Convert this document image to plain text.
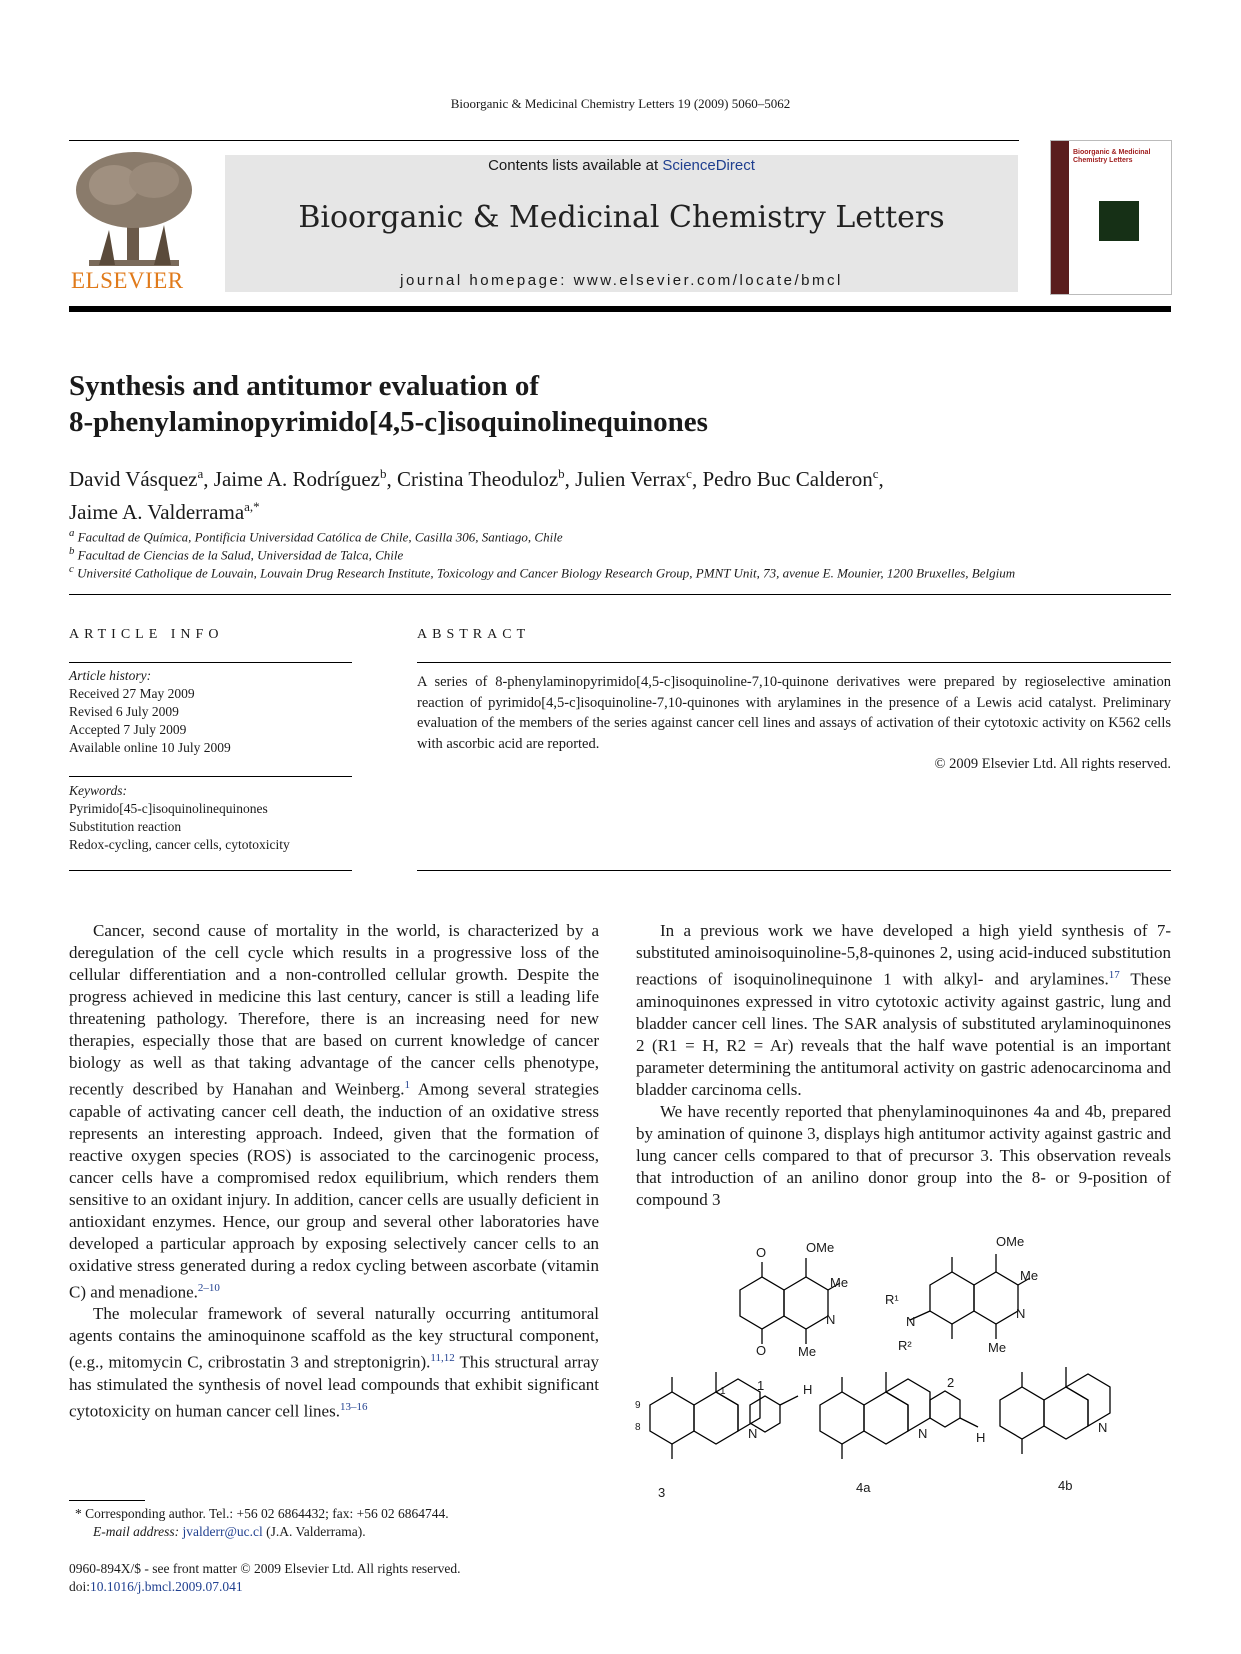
Bioorganic & Medicinal Chemistry Letters 19 (2009) 5060–5062
ELSEVIER
Contents lists available at ScienceDirect
Bioorganic & Medicinal Chemistry Letters
journal homepage: www.elsevier.com/locate/bmcl
Bioorganic & Medicinal Chemistry Letters
Synthesis and antitumor evaluation of
8-phenylaminopyrimido[4,5-c]isoquinolinequinones
David Vásquez$^a$, Jaime A. Rodríguez$^b$, Cristina Theoduloz$^b$, Julien Verrax$^c$, Pedro Buc Calderon$^c$,
Jaime A. Valderrama$^{a,*}$
$^a$ Facultad de Química, Pontificia Universidad Católica de Chile, Casilla 306, Santiago, Chile
$^b$ Facultad de Ciencias de la Salud, Universidad de Talca, Chile
$^c$ Université Catholique de Louvain, Louvain Drug Research Institute, Toxicology and Cancer Biology Research Group, PMNT Unit, 73, avenue E. Mounier, 1200 Bruxelles, Belgium
ARTICLE INFO	ABSTRACT
Article history:
Received 27 May 2009
Revised 6 July 2009
Accepted 7 July 2009
Available online 10 July 2009
Keywords:
Pyrimido[45-c]isoquinolinequinones
Substitution reaction
Redox-cycling, cancer cells, cytotoxicity
A series of 8-phenylaminopyrimido[4,5-c]isoquinoline-7,10-quinone derivatives were prepared by regioselective amination reaction of pyrimido[4,5-c]isoquinoline-7,10-quinones with arylamines in the presence of a Lewis acid catalyst. Preliminary evaluation of the members of the series against cancer cell lines and assays of activation of their cytotoxic activity on K562 cells with ascorbic acid are reported.
© 2009 Elsevier Ltd. All rights reserved.

Cancer, second cause of mortality in the world, is characterized by a deregulation of the cell cycle which results in a progressive loss of the cellular differentiation and a non-controlled cellular growth. Despite the progress achieved in medicine this last century, cancer is still a leading life threatening pathology. Therefore, there is an increasing need for new therapies, especially those that are based on current knowledge of cancer biology as well as that taking advantage of the cancer cells phenotype, recently described by Hanahan and Weinberg.$^1$ Among several strategies capable of activating cancer cell death, the induction of an oxidative stress represents an interesting approach. Indeed, given that the formation of reactive oxygen species (ROS) is associated to the carcinogenic process, cancer cells have a compromised redox equilibrium, which renders them sensitive to an oxidant injury. In addition, cancer cells are usually deficient in antioxidant enzymes. Hence, our group and several other laboratories have developed a particular approach by exposing selectively cancer cells to an oxidative stress generated during a redox cycling between ascorbate (vitamin C) and menadione.$^{2-10}$

The molecular framework of several naturally occurring antitumoral agents contains the aminoquinone scaffold as the key structural component, (e.g., mitomycin C, cribrostatin 3 and streptonigrin).$^{11,12}$ This structural array has stimulated the synthesis of novel lead compounds that exhibit significant cytotoxicity on human cancer cell lines.$^{13-16}$

In a previous work we have developed a high yield synthesis of 7-substituted aminoisoquinoline-5,8-quinones 2, using acid-induced substitution reactions of isoquinolinequinone 1 with alkyl- and arylamines.$^{17}$ These aminoquinones expressed in vitro cytotoxic activity against gastric, lung and bladder cancer cell lines. The SAR analysis of substituted arylaminoquinones 2 (R1 = H, R2 = Ar) reveals that the half wave potential is an important parameter determining the antitumoral activity on gastric adenocarcinoma and bladder carcinoma cells.

We have recently reported that phenylaminoquinones 4a and 4b, prepared by amination of quinone 3, displays high antitumor activity against gastric and lung cancer cells compared to that of precursor 3. This observation reveals that introduction of an anilino donor group into the 8- or 9-position of compound 3

OMe
Me
N
Me
O
O
1
OMe
Me
N
Me
R¹
N
R²
2
9
8
1
N
3
H
N
4a
H
N
4b
* Corresponding author. Tel.: +56 02 6864432; fax: +56 02 6864744.
E-mail address: jvalderr@uc.cl (J.A. Valderrama).
0960-894X/$ - see front matter © 2009 Elsevier Ltd. All rights reserved.
doi:10.1016/j.bmcl.2009.07.041
